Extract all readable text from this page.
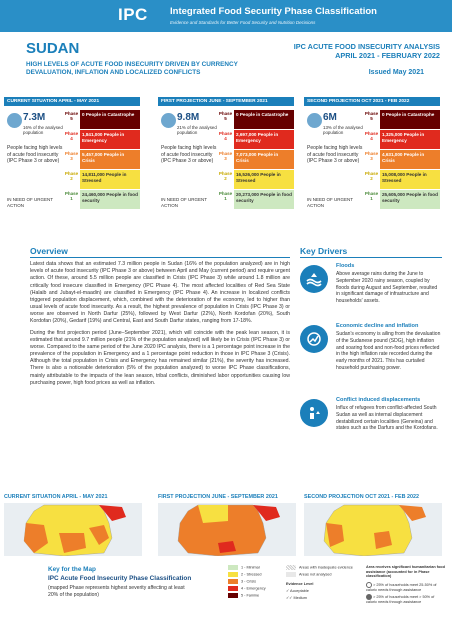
IPC Integrated Food Security Phase Classification
Evidence and Standards for Better Food Security and Nutrition Decisions
SUDAN
HIGH LEVELS OF ACUTE FOOD INSECURITY DRIVEN BY CURRENCY DEVALUATION, INFLATION AND LOCALIZED CONFLICTS
IPC ACUTE FOOD INSECURITY ANALYSIS
APRIL 2021 - FEBRUARY 2022
Issued May 2021
CURRENT SITUATION APRIL - MAY 2021
7.3M
16% of the analysed population
People facing high levels of acute food insecurity (IPC Phase 3 or above)
IN NEED OF URGENT ACTION
Phase 5
0 People in Catastrophe
Phase 4
1,841,000 People in Emergency
Phase 3
5,457,000 People in Crisis
Phase 2
14,811,000 People in Stressed
Phase 1
24,460,000 People in food security
FIRST PROJECTION JUNE - SEPTEMBER 2021
9.8M
21% of the analysed population
People facing high levels of acute food insecurity (IPC Phase 3 or above)
IN NEED OF URGENT ACTION
Phase 5
0 People in Catastrophe
Phase 4
2,697,000 People in Emergency
Phase 3
7,073,000 People in Crisis
Phase 2
16,526,000 People in Stressed
Phase 1
20,273,000 People in food security
SECOND PROJECTION OCT 2021 - FEB 2022
6M
13% of the analysed population
People facing high levels of acute food insecurity (IPC Phase 3 or above)
IN NEED OF URGENT ACTION
Phase 5
0 People in Catastrophe
Phase 4
1,325,000 People in Emergency
Phase 3
4,631,000 People in Crisis
Phase 2
15,008,000 People in Stressed
Phase 1
25,605,000 People in food security
Overview

Latest data shows that an estimated 7.3 million people in Sudan (16% of the population analyzed) are in high levels of acute food insecurity (IPC Phase 3 or above) between April and May (current period) and require urgent action. Of these, around 5.5 million people are classified in Crisis (IPC Phase 3) while around 1.8 million are critically food insecure classified in Emergency (IPC Phase 4). The most affected localities of Red Sea State (Halaib and Jubayt-el-maadin) are classified in Emergency (IPC Phase 4). An increase in localized conflicts triggered population displacement, which, combined with the deterioration of the economy, led to higher than usual levels of acute food insecurity. As a result, the highest prevalence of population in Crisis (IPC Phase 3) or worse are observed in North Darfur (25%), followed by West Darfur (22%), North Kordofan (20%), South Kordofan (20%), Gedarif (19%) and Central, East and South Darfur states, ranging from 17-18%.

During the first projection period (June–September 2021), which will coincide with the peak lean season, it is estimated that around 9.7 million people (21% of the population analyzed) will likely be in Crisis (IPC Phase 3) or worse. Compared to the same period of the June 2020 IPC analysis, there is a 1 percentage point increase in the prevalence of the population in Emergency and a 1 percentage point reduction in those in IPC Phase 3 (Crisis). Although the total population in Crisis and Emergency has remained similar (21%), the severity has increased. There is also a noticeable deterioration (5% of the population analyzed) to worse IPC Phase classifications, mainly attributable to the impacts of the lean season, tribal conflicts, diminished labor opportunities causing low purchasing power, high food prices as well as inflation.

Key Drivers
Floods
Above average rains during the June to September 2020 rainy season, coupled by floods during August and September, resulted in significant damage of infrastructure and households' assets.
Economic decline and inflation
Sudan's economy is ailing from the devaluation of the Sudanese pound (SDG), high inflation and soaring food and non-food prices reflected in the high inflation rate recorded during the early months of 2021. This has curtailed household purchasing power.
Conflict induced displacements
Influx of refugees from conflict-affected South Sudan as well as internal displacement destabilized certain localities (Geneina) and states such as the Darfurs and the Kordofans.
CURRENT SITUATION APRIL - MAY 2021	FIRST PROJECTION JUNE - SEPTEMBER 2021	SECOND PROJECTION OCT 2021 - FEB 2022
Key for the Map
IPC Acute Food Insecurity Phase Classification
(mapped Phase represents highest severity affecting at least 20% of the population)
1 - Minimal
2 - Stressed
3 - Crisis
4 - Emergency
5 - Famine
Areas with inadequate evidence
Areas not analysed
Evidence Level
✓ Acceptable
✓✓ Medium
Area receives significant humanitarian food assistance (accounted for in Phase classification)
> 25% of households meet 25-50% of caloric needs through assistance
> 25% of households meet > 50% of caloric needs through assistance
